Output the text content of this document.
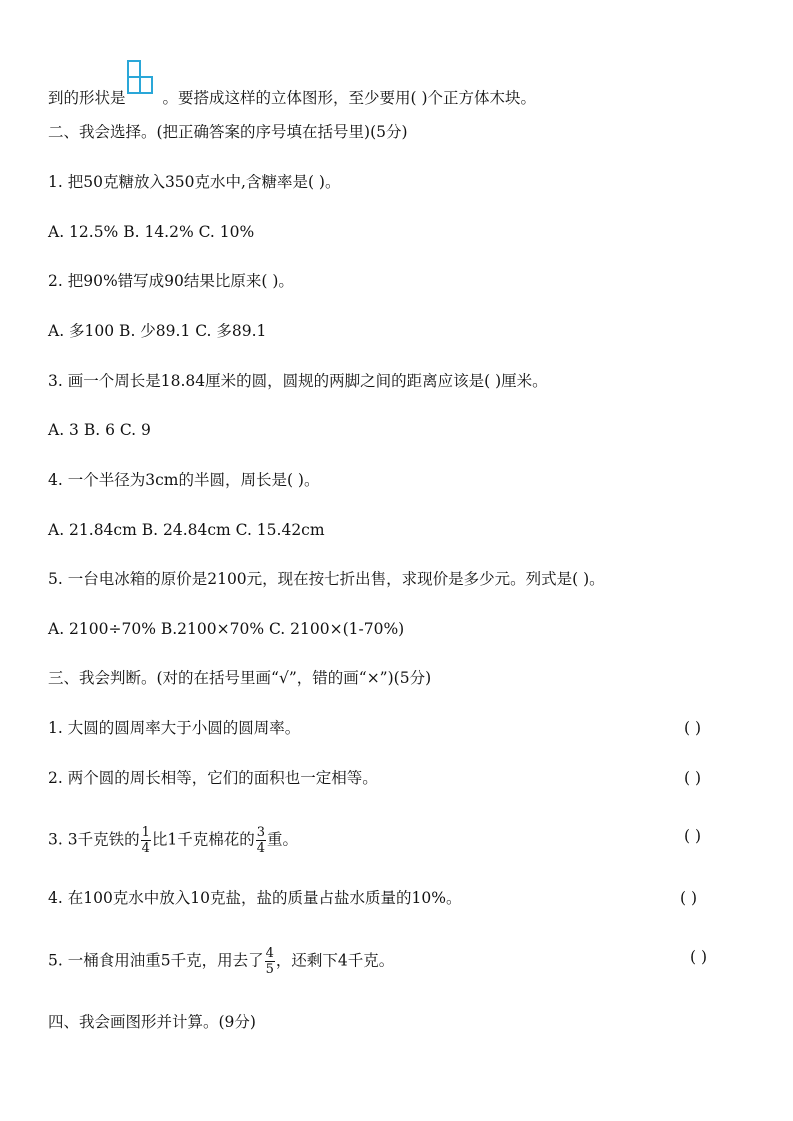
到的形状是 。要搭成这样的立体图形，至少要用( )个正方体木块。
二、我会选择。(把正确答案的序号填在括号里)(5分)
1. 把50克糖放入350克水中,含糖率是( )。
A. 12.5% B. 14.2% C. 10%
2. 把90%错写成90结果比原来( )。
A. 多100 B. 少89.1 C. 多89.1
3. 画一个周长是18.84厘米的圆，圆规的两脚之间的距离应该是( )厘米。
A. 3 B. 6 C. 9
4. 一个半径为3cm的半圆，周长是( )。
A. 21.84cm B. 24.84cm C. 15.42cm
5. 一台电冰箱的原价是2100元，现在按七折出售，求现价是多少元。列式是( )。
A. 2100÷70% B.2100×70% C. 2100×(1-70%)
三、我会判断。(对的在括号里画“√”，错的画“×”)(5分)
1. 大圆的圆周率大于小圆的圆周率。	( )
2. 两个圆的周长相等，它们的面积也一定相等。	( )
3. 3千克铁的 $\frac{1}{4}$ 比1千克棉花的 $\frac{3}{4}$ 重。	( )
4. 在100克水中放入10克盐，盐的质量占盐水质量的10%。	( )
5. 一桶食用油重5千克，用去了 $\frac{4}{5}$ ，还剩下4千克。	( )
四、我会画图形并计算。(9分)
